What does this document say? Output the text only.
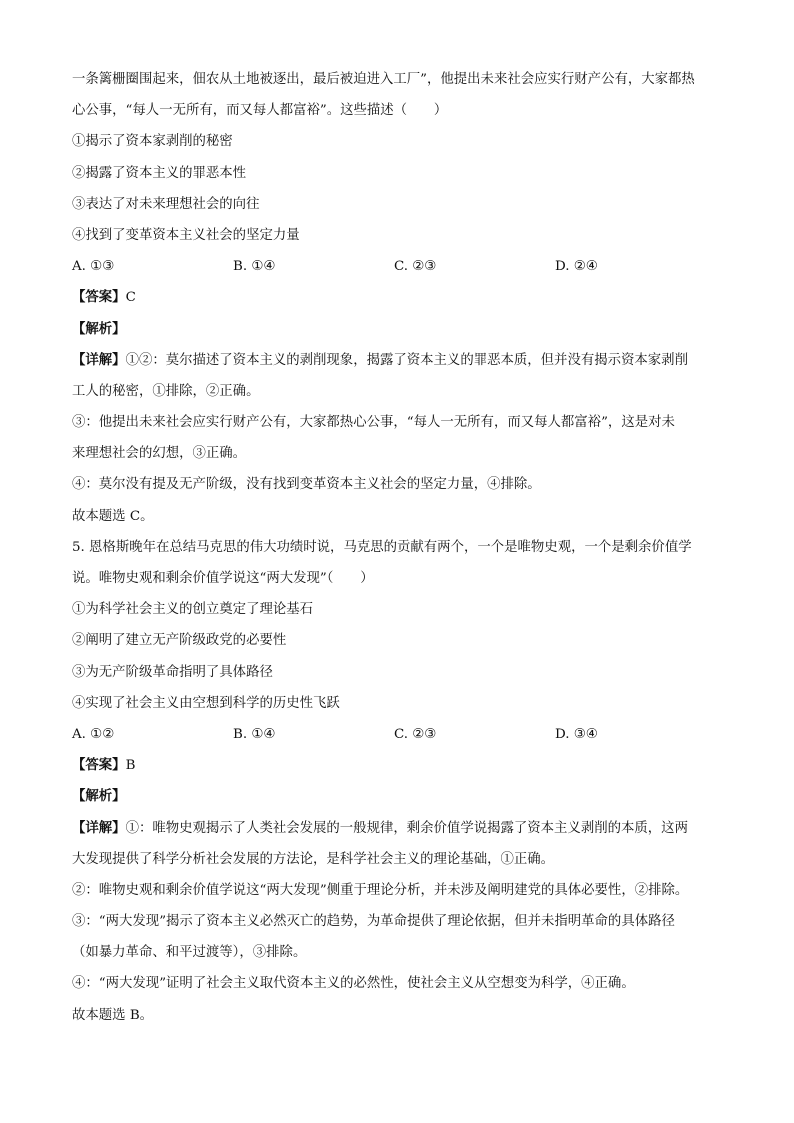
一条篱栅圈围起来，佃农从土地被逐出，最后被迫进入工厂”，他提出未来社会应实行财产公有，大家都热
心公事，“每人一无所有，而又每人都富裕”。这些描述（　　）
①揭示了资本家剥削的秘密
②揭露了资本主义的罪恶本性
③表达了对未来理想社会的向往
④找到了变革资本主义社会的坚定力量
A. ①③	B. ①④	C. ②③	D. ②④
【答案】C
【解析】
【详解】①②：莫尔描述了资本主义的剥削现象，揭露了资本主义的罪恶本质，但并没有揭示资本家剥削
工人的秘密，①排除，②正确。
③：他提出未来社会应实行财产公有，大家都热心公事，“每人一无所有，而又每人都富裕”，这是对未
来理想社会的幻想，③正确。
④：莫尔没有提及无产阶级，没有找到变革资本主义社会的坚定力量，④排除。
故本题选 C。
5. 恩格斯晚年在总结马克思的伟大功绩时说，马克思的贡献有两个，一个是唯物史观，一个是剩余价值学
说。唯物史观和剩余价值学说这“两大发现”（　　）
①为科学社会主义的创立奠定了理论基石
②阐明了建立无产阶级政党的必要性
③为无产阶级革命指明了具体路径
④实现了社会主义由空想到科学的历史性飞跃
A. ①②	B. ①④	C. ②③	D. ③④
【答案】B
【解析】
【详解】①：唯物史观揭示了人类社会发展的一般规律，剩余价值学说揭露了资本主义剥削的本质，这两
大发现提供了科学分析社会发展的方法论，是科学社会主义的理论基础，①正确。
②：唯物史观和剩余价值学说这“两大发现”侧重于理论分析，并未涉及阐明建党的具体必要性，②排除。
③：“两大发现”揭示了资本主义必然灭亡的趋势，为革命提供了理论依据，但并未指明革命的具体路径
（如暴力革命、和平过渡等），③排除。
④：“两大发现”证明了社会主义取代资本主义的必然性，使社会主义从空想变为科学，④正确。
故本题选 B。
